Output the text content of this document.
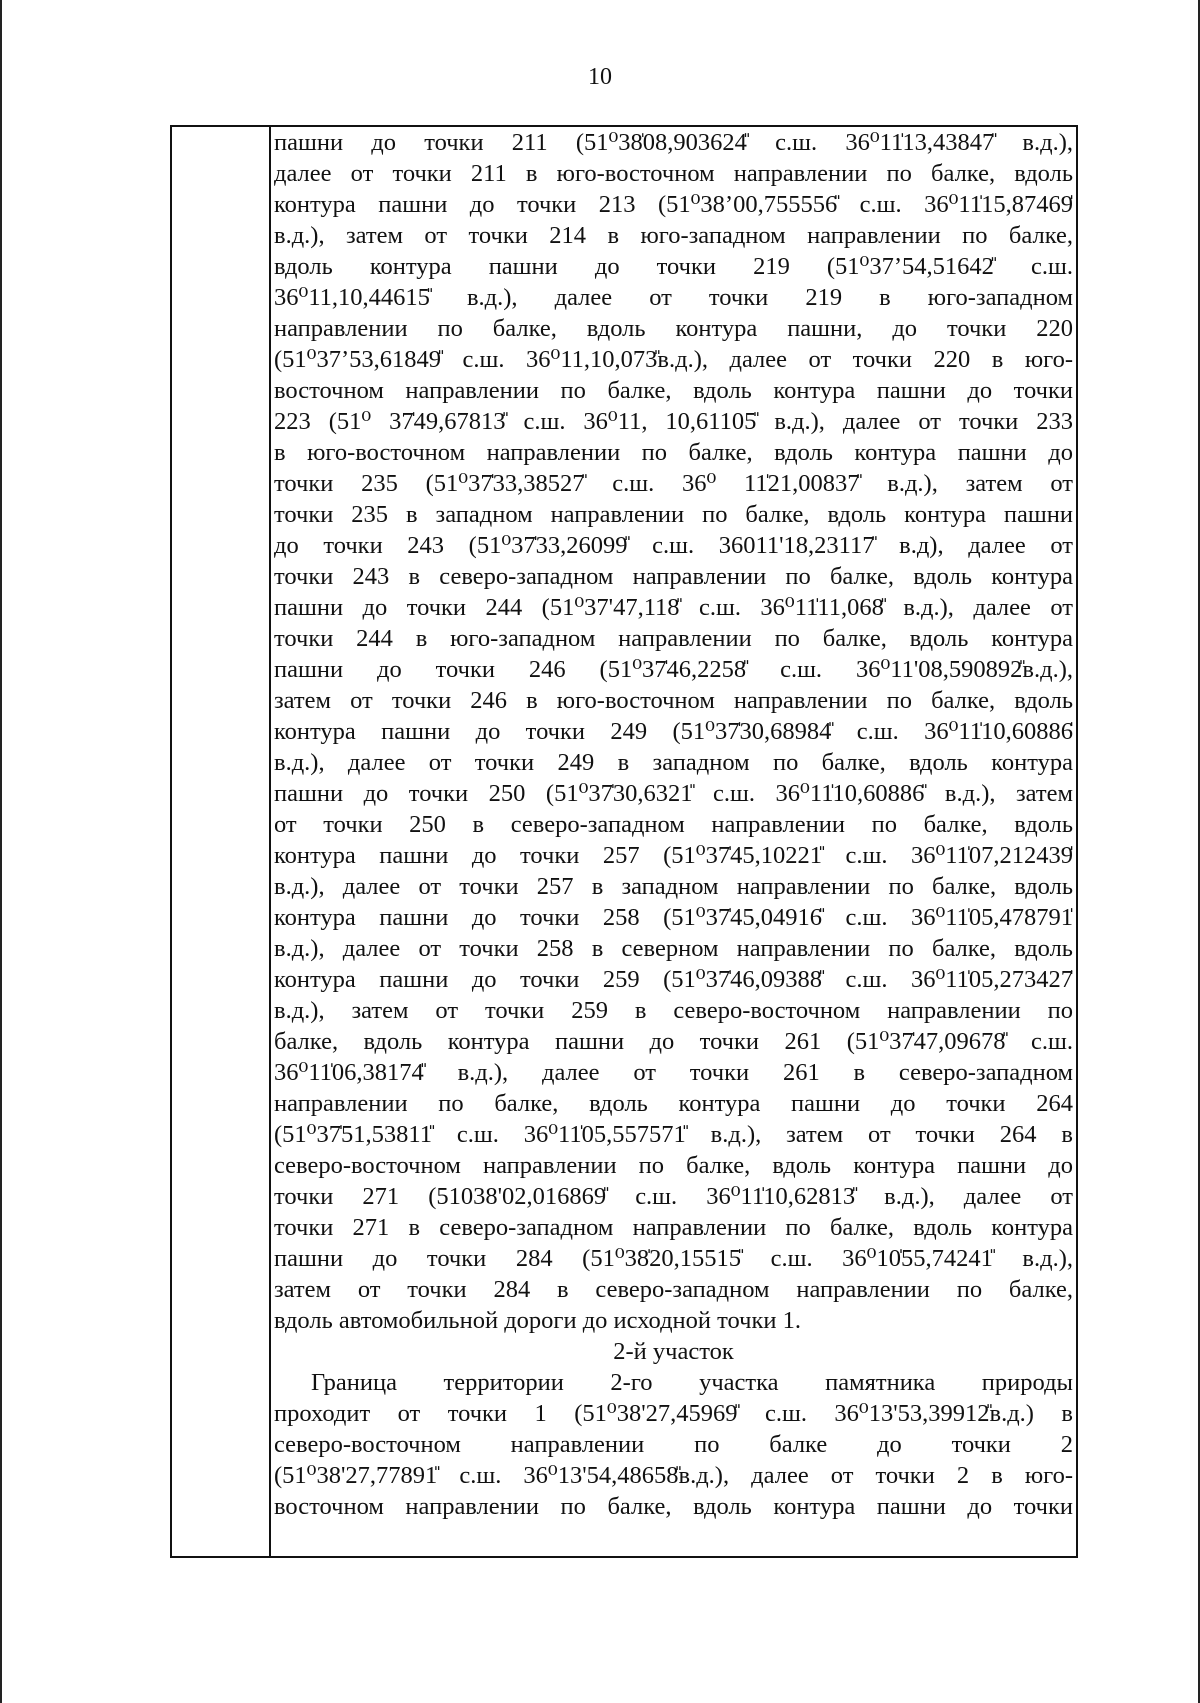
10
пашни до точки 211 (51⁰38̍08,903624̎ с.ш. 36⁰11̍13,43847̎ в.д.),
далее от точки 211 в юго-восточном направлении по балке, вдоль
контура пашни до точки 213 (51⁰38’00,755556̎ с.ш. 36⁰11̍15,87469̎
в.д.), затем от точки 214 в юго-западном направлении по балке,
вдоль контура пашни до точки 219 (51⁰37’54,51642̎ с.ш.
36⁰11,10,44615̎ в.д.), далее от точки 219 в юго-западном
направлении по балке, вдоль контура пашни, до точки 220
(51⁰37’53,61849̎ с.ш. 36⁰11,10,073̎в.д.), далее от точки 220 в юго-
восточном направлении по балке, вдоль контура пашни до точки
223 (51⁰ 37̍49,67813̎ с.ш. 36⁰11, 10,61105̎ в.д.), далее от точки 233
в юго-восточном направлении по балке, вдоль контура пашни до
точки 235 (51⁰37̍33,38527̎ с.ш. 36⁰ 11̍21,00837̎ в.д.), затем от
точки 235 в западном направлении по балке, вдоль контура пашни
до точки 243 (51⁰37̍33,26099̎ с.ш. 36011'18,23117̎ в.д), далее от
точки 243 в северо-западном направлении по балке, вдоль контура
пашни до точки 244 (51⁰37'47,118̎ с.ш. 36⁰11̍11,068̎ в.д.), далее от
точки 244 в юго-западном направлении по балке, вдоль контура
пашни до точки 246 (51⁰37̍46,2258̎ с.ш. 36⁰11'08,590892̎в.д.),
затем от точки 246 в юго-восточном направлении по балке, вдоль
контура пашни до точки 249 (51⁰37̍30,68984̎ с.ш. 36⁰11̍10,60886̎
в.д.), далее от точки 249 в западном по балке, вдоль контура
пашни до точки 250 (51⁰37̍30,6321̎ с.ш. 36⁰11̍10,60886̎ в.д.), затем
от точки 250 в северо-западном направлении по балке, вдоль
контура пашни до точки 257 (51⁰37̍45,10221̎ с.ш. 36⁰11̍07,212439̎
в.д.), далее от точки 257 в западном направлении по балке, вдоль
контура пашни до точки 258 (51⁰37̍45,04916̎ с.ш. 36⁰11̍05,478791̎
в.д.), далее от точки 258 в северном направлении по балке, вдоль
контура пашни до точки 259 (51⁰37̍46,09388̎ с.ш. 36⁰11̍05,273427̎
в.д.), затем от точки 259 в северо-восточном направлении по
балке, вдоль контура пашни до точки 261 (51⁰37̍47,09678̎ с.ш.
36⁰11̍06,38174̎ в.д.), далее от точки 261 в северо-западном
направлении по балке, вдоль контура пашни до точки 264
(51⁰37̍51,53811̎ с.ш. 36⁰11̍05,557571̎ в.д.), затем от точки 264 в
северо-восточном направлении по балке, вдоль контура пашни до
точки 271 (51038'02,016869̎ с.ш. 36⁰11̍10,62813̎ в.д.), далее от
точки 271 в северо-западном направлении по балке, вдоль контура
пашни до точки 284 (51⁰38̍20,15515̎ с.ш. 36⁰10̍55,74241̎ в.д.),
затем от точки 284 в северо-западном направлении по балке,
вдоль автомобильной дороги до исходной точки 1.
2-й участок
Граница территории 2-го участка памятника природы
проходит от точки 1 (51⁰38'27,45969̎ с.ш. 36⁰13'53,39912̎в.д.) в
северо-восточном направлении по балке до точки 2
(51⁰38'27,77891̎ с.ш. 36⁰13'54,48658̎в.д.), далее от точки 2 в юго-
восточном направлении по балке, вдоль контура пашни до точки
